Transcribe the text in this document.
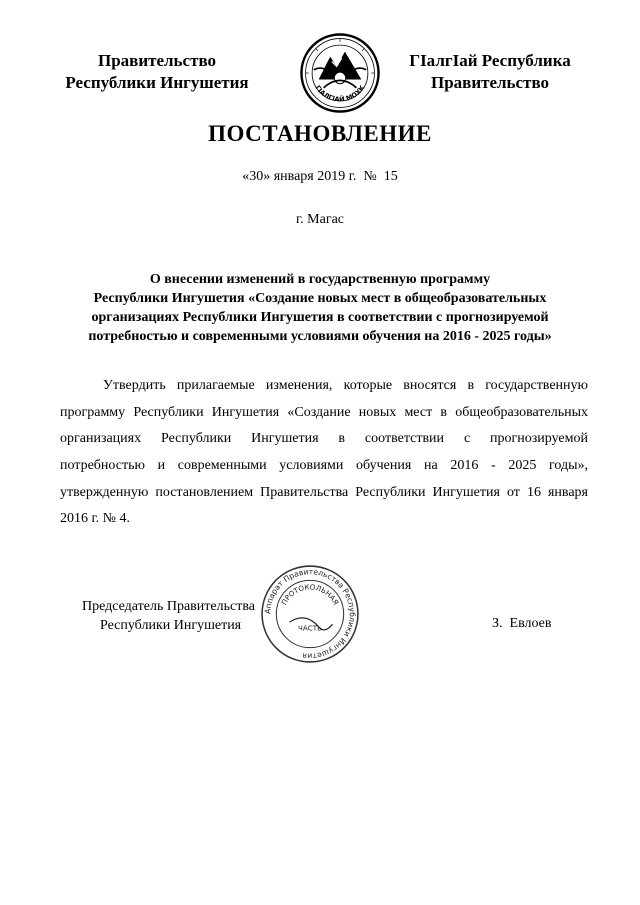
Правительство
Республики Ингушетия	ГIАЛГIАЙ МОХК
ГIалгIай Республика
Правительство
ПОСТАНОВЛЕНИЕ
«30» января 2019 г.  №  15
г. Магас
О внесении изменений в государственную программу
Республики Ингушетия «Создание новых мест в общеобразовательных
организациях Республики Ингушетия в соответствии с прогнозируемой
потребностью и современными условиями обучения на 2016 - 2025 годы»
Утвердить прилагаемые изменения, которые вносятся в государственную
программу Республики Ингушетия «Создание новых мест в общеобразовательных
организациях Республики Ингушетия в соответствии с прогнозируемой
потребностью и современными условиями обучения на 2016 - 2025 годы»,
утвержденную постановлением Правительства Республики Ингушетия от 16 января
2016 г. № 4.
Председатель Правительства
Республики Ингушетия
Аппарат Правительства Республики Ингушетия
ПРОТОКОЛЬНАЯ
ЧАСТЬ	З.  Евлоев
